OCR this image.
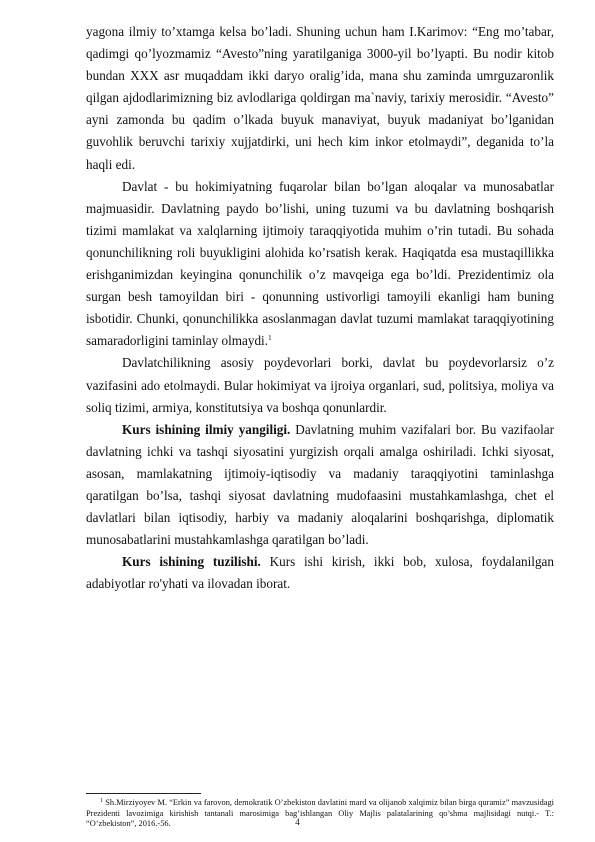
yagona ilmiy to’xtamga kelsa bo’ladi. Shuning uchun ham I.Karimov: “Eng mo’tabar, qadimgi qo’lyozmamiz “Avesto”ning yaratilganiga 3000-yil bo’lyapti. Bu nodir kitob bundan XXX asr muqaddam ikki daryo oralig’ida, mana shu zaminda umrguzaronlik qilgan ajdodlarimizning biz avlodlariga qoldirgan ma`naviy, tarixiy merosidir. “Avesto” ayni zamonda bu qadim o’lkada buyuk manaviyat, buyuk madaniyat bo’lganidan guvohlik beruvchi tarixiy xujjatdirki, uni hech kim inkor etolmaydi”, deganida to’la haqli edi.

Davlat - bu hokimiyatning fuqarolar bilan bo’lgan aloqalar va munosabatlar majmuasidir. Davlatning paydo bo’lishi, uning tuzumi va bu davlatning boshqarish tizimi mamlakat va xalqlarning ijtimoiy taraqqiyotida muhim o’rin tutadi. Bu sohada qonunchilikning roli buyukligini alohida ko’rsatish kerak. Haqiqatda esa mustaqillikka erishganimizdan keyingina qonunchilik o’z mavqeiga ega bo’ldi. Prezidentimiz ola surgan besh tamoyildan biri - qonunning ustivorligi tamoyili ekanligi ham buning isbotidir. Chunki, qonunchilikka asoslanmagan davlat tuzumi mamlakat taraqqiyotining samaradorligini taminlay olmaydi.$^1$

Davlatchilikning asosiy poydevorlari borki, davlat bu poydevorlarsiz o’z vazifasini ado etolmaydi. Bular hokimiyat va ijroiya organlari, sud, politsiya, moliya va soliq tizimi, armiya, konstitutsiya va boshqa qonunlardir.

Kurs ishining ilmiy yangiligi. Davlatning muhim vazifalari bor. Bu vazifaolar davlatning ichki va tashqi siyosatini yurgizish orqali amalga oshiriladi. Ichki siyosat, asosan, mamlakatning ijtimoiy-iqtisodiy va madaniy taraqqiyotini taminlashga qaratilgan bo’lsa, tashqi siyosat davlatning mudofaasini mustahkamlashga, chet el davlatlari bilan iqtisodiy, harbiy va madaniy aloqalarini boshqarishga, diplomatik munosabatlarini mustahkamlashga qaratilgan bo’ladi.

Kurs ishining tuzilishi. Kurs ishi kirish, ikki bob, xulosa, foydalanilgan adabiyotlar ro'yhati va ilovadan iborat.

$^1$ Sh.Mirziyoyev M. “Erkin va farovon, demokratik O’zbekiston davlatini mard va olijanob xalqimiz bilan birga quramiz” mavzusidagi Prezidenti lavozimiga kirishish tantanali marosimiga bag’ishlangan Oliy Majlis palatalarining qo’shma majlisidagi nutqi.- T.: “O’zbekiston”, 2016.-56.	4
